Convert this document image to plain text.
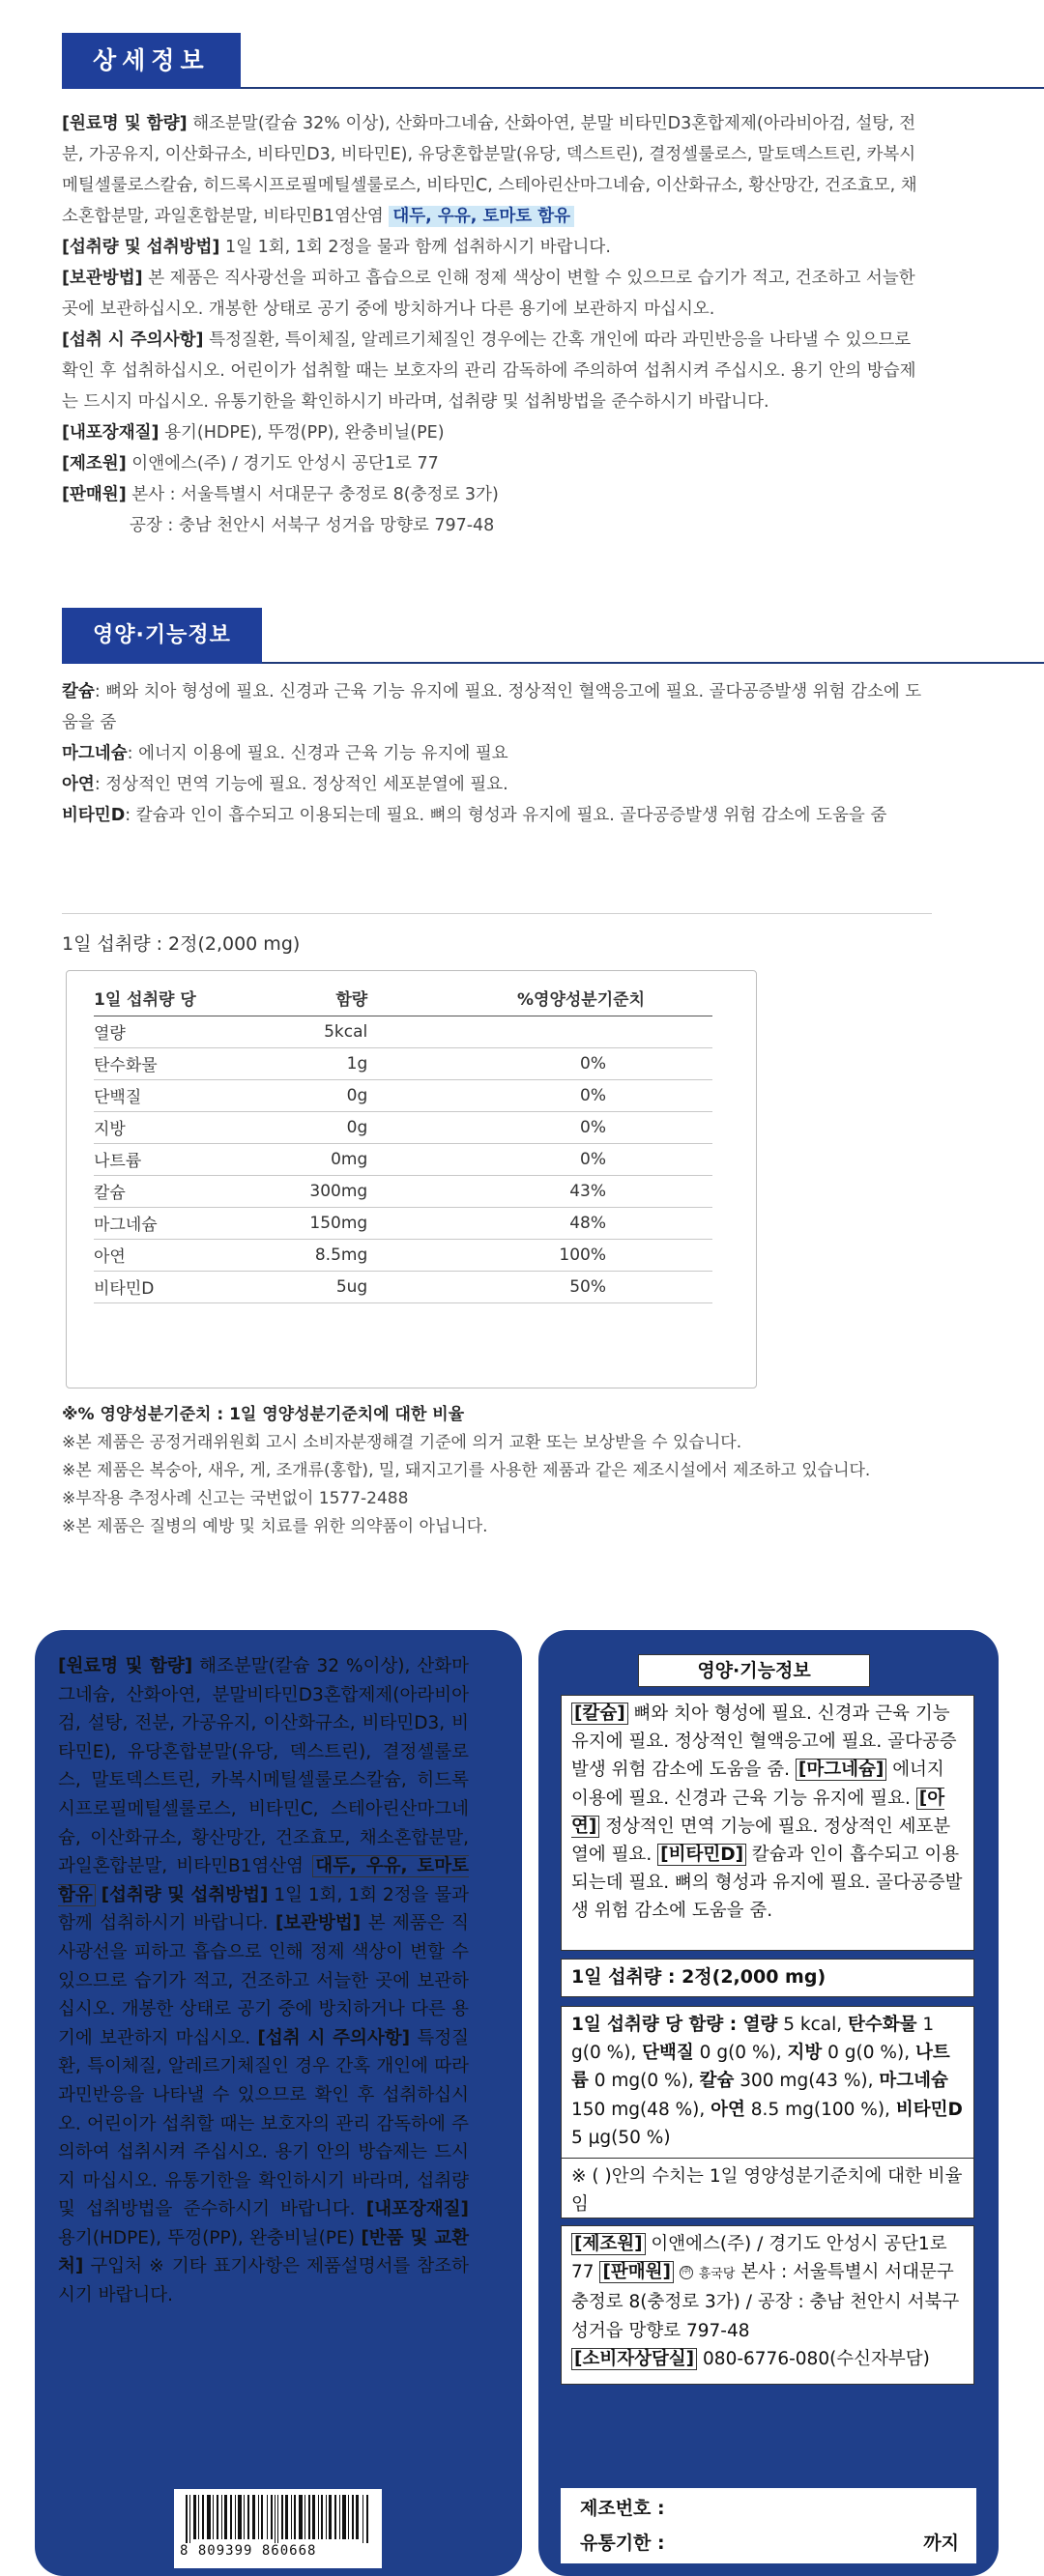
상세정보

[원료명 및 함량] 해조분말(칼슘 32% 이상), 산화마그네슘, 산화아연, 분말 비타민D3혼합제제(아라비아검, 설탕, 전분, 가공유지, 이산화규소, 비타민D3, 비타민E), 유당혼합분말(유당, 덱스트린), 결정셀룰로스, 말토덱스트린, 카복시메틸셀룰로스칼슘, 히드록시프로필메틸셀룰로스, 비타민C, 스테아린산마그네슘, 이산화규소, 황산망간, 건조효모, 채소혼합분말, 과일혼합분말, 비타민B1염산염 대두, 우유, 토마토 함유

[섭취량 및 섭취방법] 1일 1회, 1회 2정을 물과 함께 섭취하시기 바랍니다.

[보관방법] 본 제품은 직사광선을 피하고 흡습으로 인해 정제 색상이 변할 수 있으므로 습기가 적고, 건조하고 서늘한 곳에 보관하십시오. 개봉한 상태로 공기 중에 방치하거나 다른 용기에 보관하지 마십시오.

[섭취 시 주의사항] 특정질환, 특이체질, 알레르기체질인 경우에는 간혹 개인에 따라 과민반응을 나타낼 수 있으므로 확인 후 섭취하십시오. 어린이가 섭취할 때는 보호자의 관리 감독하에 주의하여 섭취시켜 주십시오. 용기 안의 방습제는 드시지 마십시오. 유통기한을 확인하시기 바라며, 섭취량 및 섭취방법을 준수하시기 바랍니다.

[내포장재질] 용기(HDPE), 뚜껑(PP), 완충비닐(PE)

[제조원] 이앤에스(주) / 경기도 안성시 공단1로 77

[판매원] 본사 : 서울특별시 서대문구 충정로 8(충정로 3가)

공장 : 충남 천안시 서북구 성거읍 망향로 797-48

영양·기능정보

칼슘: 뼈와 치아 형성에 필요. 신경과 근육 기능 유지에 필요. 정상적인 혈액응고에 필요. 골다공증발생 위험 감소에 도움을 줌

마그네슘: 에너지 이용에 필요. 신경과 근육 기능 유지에 필요

아연: 정상적인 면역 기능에 필요. 정상적인 세포분열에 필요.

비타민D: 칼슘과 인이 흡수되고 이용되는데 필요. 뼈의 형성과 유지에 필요. 골다공증발생 위험 감소에 도움을 줌

1일 섭취량 : 2정(2,000 mg)
1일 섭취량 당	함량	%영양성분기준치
열량	5kcal	
탄수화물	1g	0%
단백질	0g	0%
지방	0g	0%
나트륨	0mg	0%
칼슘	300mg	43%
마그네슘	150mg	48%
아연	8.5mg	100%
비타민D	5ug	50%

※% 영양성분기준치 : 1일 영양성분기준치에 대한 비율

※본 제품은 공정거래위원회 고시 소비자분쟁해결 기준에 의거 교환 또는 보상받을 수 있습니다.

※본 제품은 복숭아, 새우, 게, 조개류(홍합), 밀, 돼지고기를 사용한 제품과 같은 제조시설에서 제조하고 있습니다.

※부작용 추정사례 신고는 국번없이 1577-2488

※본 제품은 질병의 예방 및 치료를 위한 의약품이 아닙니다.

[원료명 및 함량] 해조분말(칼슘 32 %이상), 산화마그네슘, 산화아연, 분말비타민D3혼합제제(아라비아검, 설탕, 전분, 가공유지, 이산화규소, 비타민D3, 비타민E), 유당혼합분말(유당, 덱스트린), 결정셀룰로스, 말토덱스트린, 카복시메틸셀룰로스칼슘, 히드록시프로필메틸셀룰로스, 비타민C, 스테아린산마그네슘, 이산화규소, 황산망간, 건조효모, 채소혼합분말, 과일혼합분말, 비타민B1염산염 대두, 우유, 토마토 함유 [섭취량 및 섭취방법] 1일 1회, 1회 2정을 물과 함께 섭취하시기 바랍니다. [보관방법] 본 제품은 직사광선을 피하고 흡습으로 인해 정제 색상이 변할 수 있으므로 습기가 적고, 건조하고 서늘한 곳에 보관하십시오. 개봉한 상태로 공기 중에 방치하거나 다른 용기에 보관하지 마십시오. [섭취 시 주의사항] 특정질환, 특이체질, 알레르기체질인 경우 간혹 개인에 따라 과민반응을 나타낼 수 있으므로 확인 후 섭취하십시오. 어린이가 섭취할 때는 보호자의 관리 감독하에 주의하여 섭취시켜 주십시오. 용기 안의 방습제는 드시지 마십시오. 유통기한을 확인하시기 바라며, 섭취량 및 섭취방법을 준수하시기 바랍니다. [내포장재질] 용기(HDPE), 뚜껑(PP), 완충비닐(PE) [반품 및 교환처] 구입처 ※ 기타 표기사항은 제품설명서를 참조하시기 바랍니다.
8 809399 860668
영양·기능정보
[칼슘] 뼈와 치아 형성에 필요. 신경과 근육 기능 유지에 필요. 정상적인 혈액응고에 필요. 골다공증발생 위험 감소에 도움을 줌. [마그네슘] 에너지 이용에 필요. 신경과 근육 기능 유지에 필요. [아연] 정상적인 면역 기능에 필요. 정상적인 세포분열에 필요. [비타민D] 칼슘과 인이 흡수되고 이용되는데 필요. 뼈의 형성과 유지에 필요. 골다공증발생 위험 감소에 도움을 줌.
1일 섭취량 : 2정(2,000 mg)
1일 섭취량 당 함량 : 열량 5 kcal, 탄수화물 1 g(0 %), 단백질 0 g(0 %), 지방 0 g(0 %), 나트륨 0 mg(0 %), 칼슘 300 mg(43 %), 마그네슘 150 mg(48 %), 아연 8.5 mg(100 %), 비타민D 5 μg(50 %)
※ ( )안의 수치는 1일 영양성분기준치에 대한 비율임
[제조원] 이앤에스(주) / 경기도 안성시 공단1로 77 [판매원] ㈜ 흥국당 본사 : 서울특별시 서대문구 충정로 8(충정로 3가) / 공장 : 충남 천안시 서북구 성거읍 망향로 797-48
[소비자상담실] 080-6776-080(수신자부담)
제조번호 :
유통기한 :	까지
